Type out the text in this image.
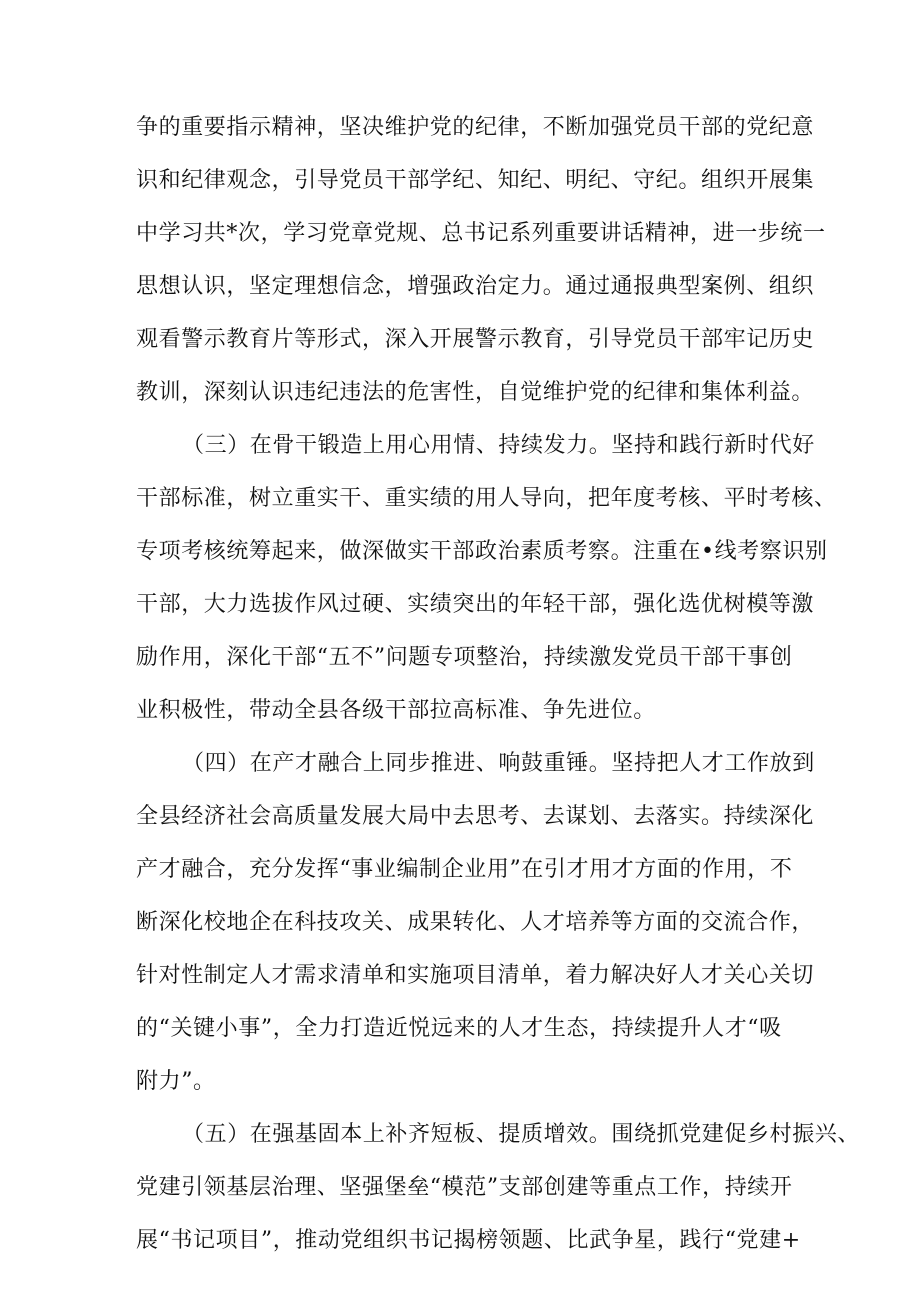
争的重要指示精神，坚决维护党的纪律，不断加强党员干部的党纪意
识和纪律观念，引导党员干部学纪、知纪、明纪、守纪。组织开展集
中学习共*次，学习党章党规、总书记系列重要讲话精神，进一步统一
思想认识，坚定理想信念，增强政治定力。通过通报典型案例、组织
观看警示教育片等形式，深入开展警示教育，引导党员干部牢记历史
教训，深刻认识违纪违法的危害性，自觉维护党的纪律和集体利益。
（三）在骨干锻造上用心用情、持续发力。坚持和践行新时代好
干部标准，树立重实干、重实绩的用人导向，把年度考核、平时考核、
专项考核统筹起来，做深做实干部政治素质考察。注重在•线考察识别
干部，大力选拔作风过硬、实绩突出的年轻干部，强化选优树模等激
励作用，深化干部“五不”问题专项整治，持续激发党员干部干事创
业积极性，带动全县各级干部拉高标准、争先进位。
（四）在产才融合上同步推进、响鼓重锤。坚持把人才工作放到
全县经济社会高质量发展大局中去思考、去谋划、去落实。持续深化
产才融合，充分发挥“事业编制企业用”在引才用才方面的作用，不
断深化校地企在科技攻关、成果转化、人才培养等方面的交流合作，
针对性制定人才需求清单和实施项目清单，着力解决好人才关心关切
的“关键小事”，全力打造近悦远来的人才生态，持续提升人才“吸
附力”。
（五）在强基固本上补齐短板、提质增效。围绕抓党建促乡村振兴、
党建引领基层治理、坚强堡垒“模范”支部创建等重点工作，持续开
展“书记项目”，推动党组织书记揭榜领题、比武争星，践行“党建+
